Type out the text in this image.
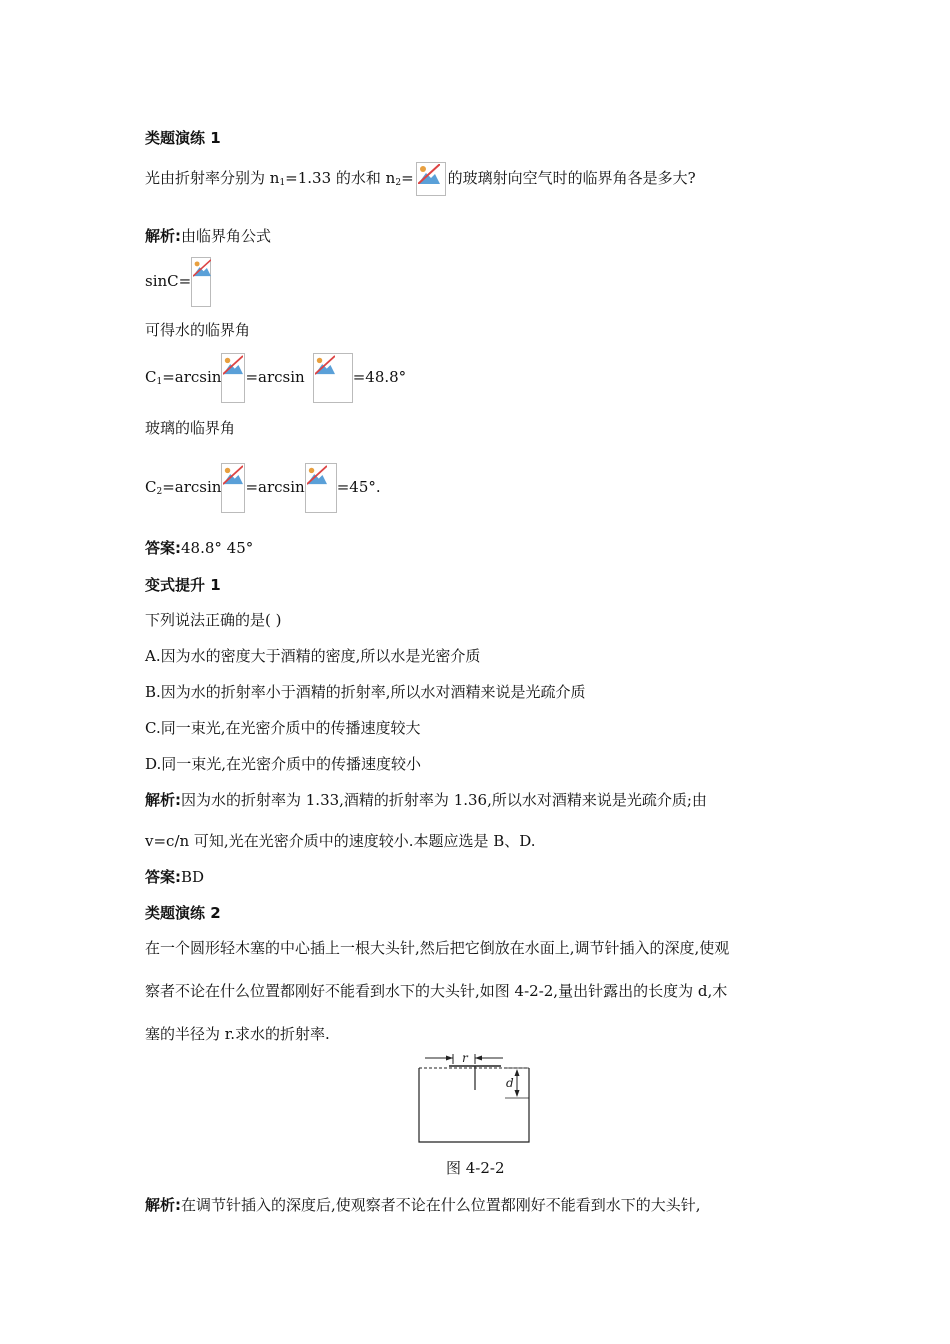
类题演练 1
光由折射率分别为 $n_1=1.33$ 的水和 $n_2=$ 的玻璃射向空气时的临界角各是多大?
解析:由临界角公式
sinC=
可得水的临界角
$C_1=\arcsin =\arcsin$	=48.8°
玻璃的临界角
$C_2=\arcsin =\arcsin =45^\circ$.
答案:48.8° 45°
变式提升 1
下列说法正确的是( )
A.因为水的密度大于酒精的密度,所以水是光密介质
B.因为水的折射率小于酒精的折射率,所以水对酒精来说是光疏介质
C.同一束光,在光密介质中的传播速度较大
D.同一束光,在光密介质中的传播速度较小
解析:因为水的折射率为 1.33,酒精的折射率为 1.36,所以水对酒精来说是光疏介质;由
v=c/n 可知,光在光密介质中的速度较小.本题应选是 B、D.
答案:BD
类题演练 2
在一个圆形轻木塞的中心插上一根大头针,然后把它倒放在水面上,调节针插入的深度,使观
察者不论在什么位置都刚好不能看到水下的大头针,如图 4-2-2,量出针露出的长度为 d,木
塞的半径为 r.求水的折射率.
r
d
图 4-2-2
解析:在调节针插入的深度后,使观察者不论在什么位置都刚好不能看到水下的大头针,
